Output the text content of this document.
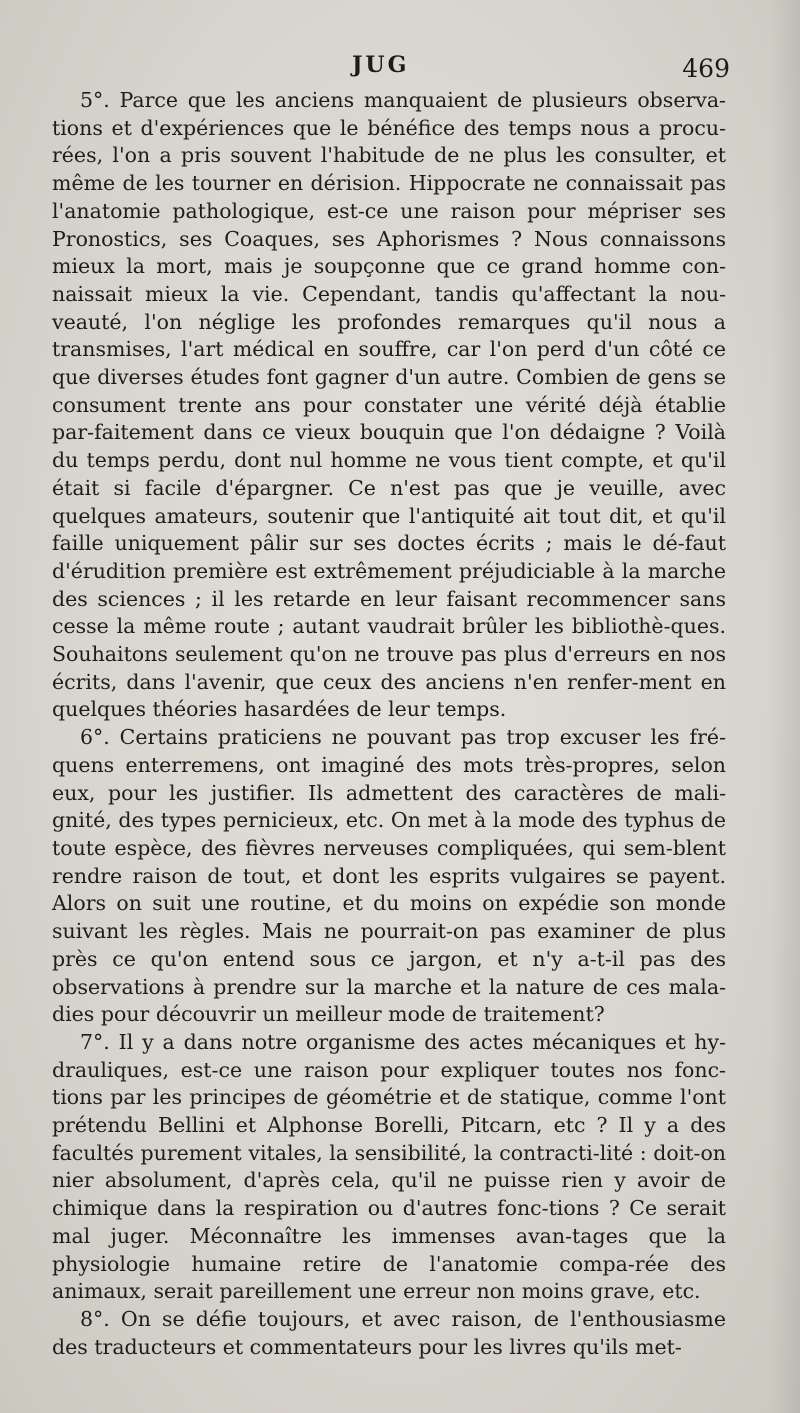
JUG	469

5°. Parce que les anciens manquaient de plusieurs observa-tions et d'expériences que le bénéfice des temps nous a procu-rées, l'on a pris souvent l'habitude de ne plus les consulter, et même de les tourner en dérision. Hippocrate ne connaissait pas l'anatomie pathologique, est-ce une raison pour mépriser ses Pronostics, ses Coaques, ses Aphorismes ? Nous connaissons mieux la mort, mais je soupçonne que ce grand homme con-naissait mieux la vie. Cependant, tandis qu'affectant la nou-veauté, l'on néglige les profondes remarques qu'il nous a transmises, l'art médical en souffre, car l'on perd d'un côté ce que diverses études font gagner d'un autre. Combien de gens se consument trente ans pour constater une vérité déjà établie par-faitement dans ce vieux bouquin que l'on dédaigne ? Voilà du temps perdu, dont nul homme ne vous tient compte, et qu'il était si facile d'épargner. Ce n'est pas que je veuille, avec quelques amateurs, soutenir que l'antiquité ait tout dit, et qu'il faille uniquement pâlir sur ses doctes écrits ; mais le dé-faut d'érudition première est extrêmement préjudiciable à la marche des sciences ; il les retarde en leur faisant recommencer sans cesse la même route ; autant vaudrait brûler les bibliothè-ques. Souhaitons seulement qu'on ne trouve pas plus d'erreurs en nos écrits, dans l'avenir, que ceux des anciens n'en renfer-ment en quelques théories hasardées de leur temps.

6°. Certains praticiens ne pouvant pas trop excuser les fré-quens enterremens, ont imaginé des mots très-propres, selon eux, pour les justifier. Ils admettent des caractères de mali-gnité, des types pernicieux, etc. On met à la mode des typhus de toute espèce, des fièvres nerveuses compliquées, qui sem-blent rendre raison de tout, et dont les esprits vulgaires se payent. Alors on suit une routine, et du moins on expédie son monde suivant les règles. Mais ne pourrait-on pas examiner de plus près ce qu'on entend sous ce jargon, et n'y a-t-il pas des observations à prendre sur la marche et la nature de ces mala-dies pour découvrir un meilleur mode de traitement?

7°. Il y a dans notre organisme des actes mécaniques et hy-drauliques, est-ce une raison pour expliquer toutes nos fonc-tions par les principes de géométrie et de statique, comme l'ont prétendu Bellini et Alphonse Borelli, Pitcarn, etc ? Il y a des facultés purement vitales, la sensibilité, la contracti-lité : doit-on nier absolument, d'après cela, qu'il ne puisse rien y avoir de chimique dans la respiration ou d'autres fonc-tions ? Ce serait mal juger. Méconnaître les immenses avan-tages que la physiologie humaine retire de l'anatomie compa-rée des animaux, serait pareillement une erreur non moins grave, etc.

8°. On se défie toujours, et avec raison, de l'enthousiasme des traducteurs et commentateurs pour les livres qu'ils met-
